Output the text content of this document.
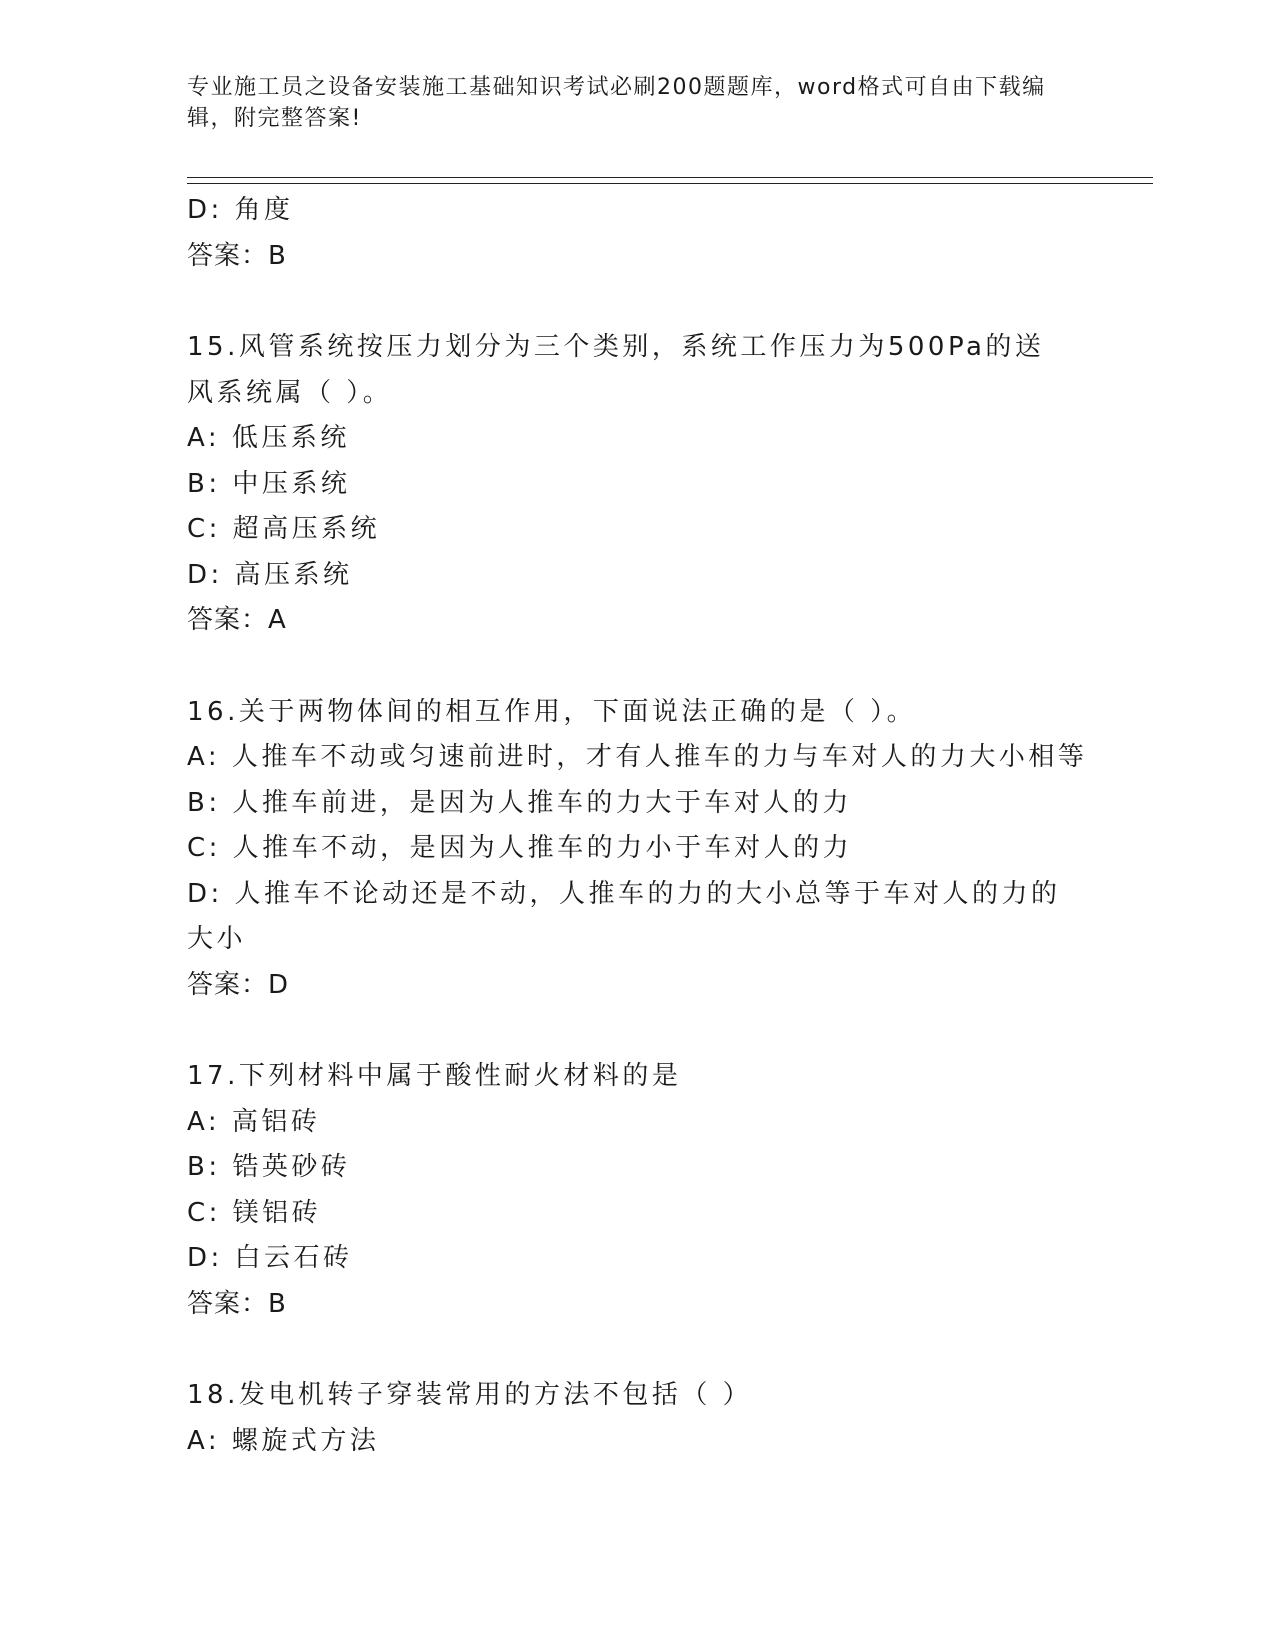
专业施工员之设备安装施工基础知识考试必刷200题题库，word格式可自由下载编辑，附完整答案!
D: 角度
答案：B
15.风管系统按压力划分为三个类别，系统工作压力为500Pa的送风系统属（ ）。
A: 低压系统
B: 中压系统
C: 超高压系统
D: 高压系统
答案：A
16.关于两物体间的相互作用，下面说法正确的是（ ）。
A: 人推车不动或匀速前进时，才有人推车的力与车对人的力大小相等
B: 人推车前进，是因为人推车的力大于车对人的力
C: 人推车不动，是因为人推车的力小于车对人的力
D: 人推车不论动还是不动，人推车的力的大小总等于车对人的力的大小
答案：D
17.下列材料中属于酸性耐火材料的是
A: 高铝砖
B: 锆英砂砖
C: 镁铝砖
D: 白云石砖
答案：B
18.发电机转子穿装常用的方法不包括（ ）
A: 螺旋式方法
